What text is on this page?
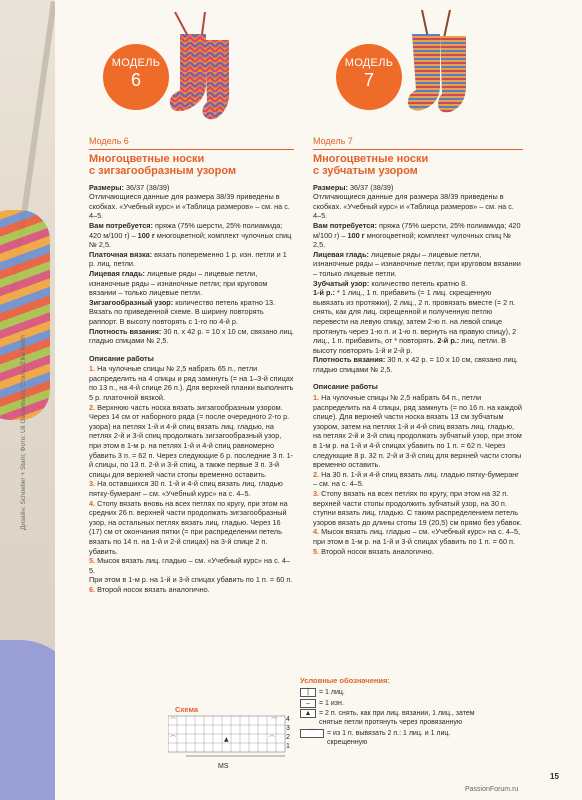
Дизайн: Schoeller + Stahl; Фото: Uli Glasemann; Стиль: Elke Reith
МОДЕЛЬ
6
МОДЕЛЬ
7
Модель 6
Многоцветные носки
с зигзагообразным узором

Размеры: 36/37 (38/39)

Отличающиеся данные для размера 38/39 приведены в скобках. «Учебный курс» и «Таблица размеров» – см. на с. 4–5.

Вам потребуется: пряжа (75% шерсти, 25% полиамида; 420 м/100 г) – 100 г многоцветной; комплект чулочных спиц № 2,5.

Платочная вязка: вязать попеременно 1 р. изн. петли и 1 р. лиц. петли.

Лицевая гладь: лицевые ряды – лицевые петли, изнаночные ряды – изнаночные петли; при круговом вязании – только лицевые петли.

Зигзагообразный узор: количество петель кратно 13. Вязать по приведенной схеме. В ширину повторять раппорт. В высоту повторять с 1-го по 4-й р.

Плотность вязания: 30 п. x 42 р. = 10 x 10 см, связано лиц. гладью спицами № 2,5.

Описание работы

1. На чулочные спицы № 2,5 набрать 65 п., петли распределить на 4 спицы и ряд замкнуть (= на 1–3-й спицах по 13 п., на 4-й спице 26 п.). Для верхней планки выполнить 5 р. платочной вязкой.

2. Верхнюю часть носка вязать зигзагообразным узором. Через 14 см от наборного ряда (= после очередного 2-го р. узора) на петлях 1-й и 4-й спиц вязать лиц. гладью, на петлях 2-й и 3-й спиц продолжать зигзагообразный узор, при этом в 1-м р. на петлях 1-й и 4-й спиц равномерно убавить 3 п. = 62 п. Через следующие 6 р. последние 3 п. 1-й спицы, по 13 п. 2-й и 3-й спиц, а также первые 3 п. 3-й спицы для верхней части стопы временно оставить.

3. На оставшихся 30 п. 1-й и 4-й спиц вязать лиц. гладью пятку-бумеранг – см. «Учебный курс» на с. 4–5.

4. Стопу вязать вновь на всех петлях по кругу, при этом на средних 26 п. верхней части продолжать зигзагообразный узор, на остальных петлях вязать лиц. гладью. Через 16 (17) см от окончания пятки (= при распределении петель вязать по 14 п. на 1-й и 2-й спицах) на 3-й спице 2 п. убавить.

5. Мысок вязать лиц. гладью – см. «Учебный курс» на с. 4–5.

При этом в 1-м р. на 1-й и 3-й спицах убавить по 1 п. = 60 п.

6. Второй носок вязать аналогично.

Модель 7
Многоцветные носки
с зубчатым узором

Размеры: 36/37 (38/39)

Отличающиеся данные для размера 38/39 приведены в скобках. «Учебный курс» и «Таблица размеров» – см. на с. 4–5.

Вам потребуется: пряжа (75% шерсти, 25% полиамида; 420 м/100 г) – 100 г многоцветной; комплект чулочных спиц № 2,5.

Лицевая гладь: лицевые ряды – лицевые петли, изнаночные ряды – изнаночные петли; при круговом вязании – только лицевые петли.

Зубчатый узор: количество петель кратно 8.

1-й р.: * 1 лиц., 1 п. прибавить (= 1 лиц. скрещенную вывязать из протяжки), 2 лиц., 2 п. провязать вместе (= 2 п. снять, как для лиц. скрещенной и полученную петлю перевести на левую спицу, затем 2-ю п. на левой спице протянуть через 1-ю п. и 1-ю п. вернуть на правую спицу), 2 лиц., 1 п. прибавить, от * повторять. 2-й р.: лиц. петли. В высоту повторять 1-й и 2-й р.

Плотность вязания: 30 п. x 42 р. = 10 x 10 см, связано лиц. гладью спицами № 2,5.

Описание работы

1. На чулочные спицы № 2,5 набрать 64 п., петли распределить на 4 спицы, ряд замкнуть (= по 16 п. на каждой спице). Для верхней части носка вязать 13 см зубчатым узором, затем на петлях 1-й и 4-й спиц вязать лиц. гладью, на петлях 2-й и 3-й спиц продолжать зубчатый узор, при этом в 1-м р. на 1-й и 4-й спицах убавить по 1 п. = 62 п. Через следующие 8 р. 32 п. 2-й и 3-й спиц для верхней части стопы временно оставить.

2. На 30 п. 1-й и 4-й спиц вязать лиц. гладью пятку-бумеранг – см. на с. 4–5.

3. Стопу вязать на всех петлях по кругу, при этом на 32 п. верхней части стопы продолжить зубчатый узор, на 30 п. ступни вязать лиц. гладью. С таким распределением петель узоров вязать до длины стопы 19 (20,5) см прямо без убавок.

4. Мысок вязать лиц. гладью – см. «Учебный курс» на с. 4–5, при этом в 1-м р. на 1-й и 3-й спицах убавить по 1 п. = 60 п.

5. Второй носок вязать аналогично.

Схема
⌒
▲
⌒
⌒	⌒
MS
4
3
2
1
Условные обозначения:
|	= 1 лиц.
–	= 1 изн.
▲	= 2 п. снять, как при лиц. вязании, 1 лиц., затем снятые петли протянуть через провязанную
⌒	= из 1 п. вывязать 2 п.: 1 лиц. и 1 лиц. скрещенную
15
PassionForum.ru
